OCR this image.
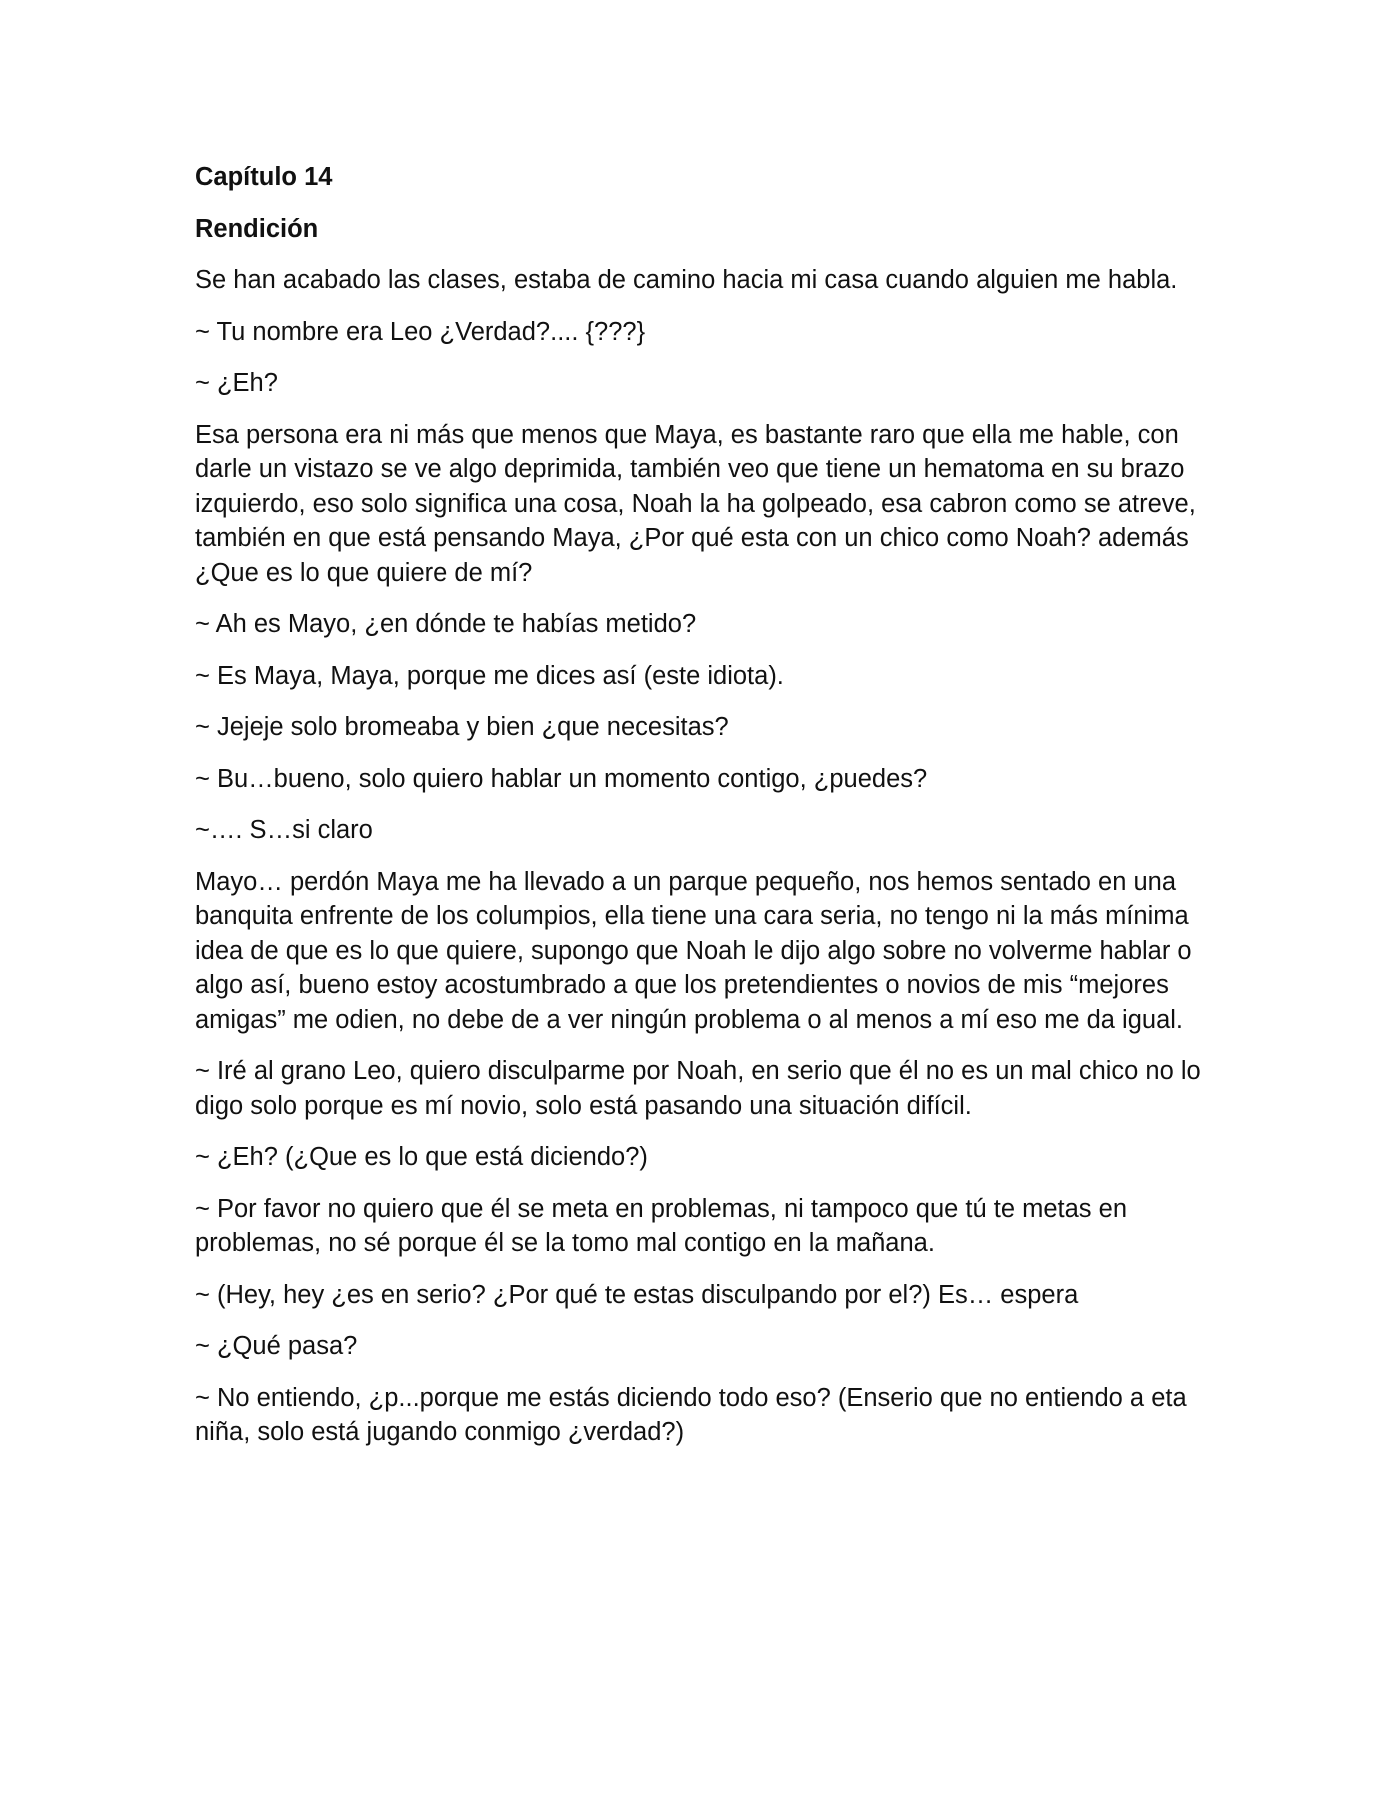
Capítulo 14
Rendición
Se han acabado las clases, estaba de camino hacia mi casa cuando alguien me habla.
~ Tu nombre era Leo ¿Verdad?.... {???}
~ ¿Eh?
Esa persona era ni más que menos que Maya, es bastante raro que ella me hable, con darle un vistazo se ve algo deprimida, también veo que tiene un hematoma en su brazo izquierdo, eso solo significa una cosa, Noah la ha golpeado, esa cabron como se atreve, también en que está pensando Maya, ¿Por qué esta con un chico como Noah? además ¿Que es lo que quiere de mí?
~ Ah es Mayo, ¿en dónde te habías metido?
~ Es Maya, Maya, porque me dices así (este idiota).
~ Jejeje solo bromeaba y bien ¿que necesitas?
~ Bu…bueno, solo quiero hablar un momento contigo, ¿puedes?
~…. S…si claro
Mayo… perdón Maya me ha llevado a un parque pequeño, nos hemos sentado en una banquita enfrente de los columpios, ella tiene una cara seria, no tengo ni la más mínima idea de que es lo que quiere, supongo que Noah le dijo algo sobre no volverme hablar o algo así, bueno estoy acostumbrado a que los pretendientes o novios de mis “mejores amigas” me odien, no debe de a ver ningún problema o al menos a mí eso me da igual.
~ Iré al grano Leo, quiero disculparme por Noah, en serio que él no es un mal chico no lo digo solo porque es mí novio, solo está pasando una situación difícil.
~ ¿Eh? (¿Que es lo que está diciendo?)
~ Por favor no quiero que él se meta en problemas, ni tampoco que tú te metas en problemas, no sé porque él se la tomo mal contigo en la mañana.
~ (Hey, hey ¿es en serio? ¿Por qué te estas disculpando por el?) Es… espera
~ ¿Qué pasa?
~ No entiendo, ¿p...porque me estás diciendo todo eso? (Enserio que no entiendo a eta niña, solo está jugando conmigo ¿verdad?)
